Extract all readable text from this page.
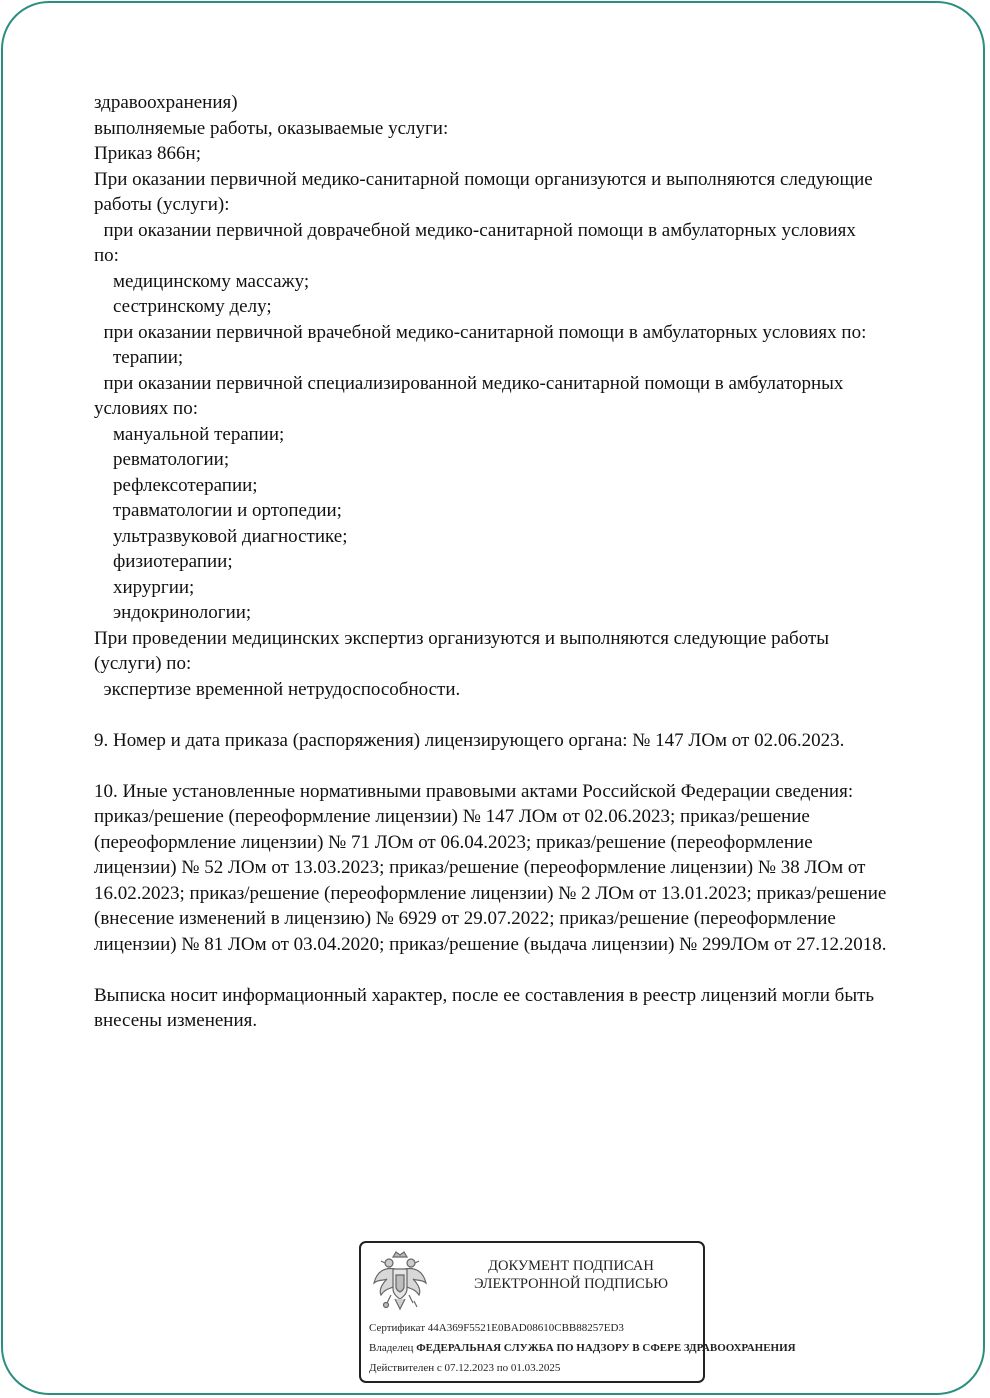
здравоохранения)
выполняемые работы, оказываемые услуги:
Приказ 866н;
При оказании первичной медико-санитарной помощи организуются и выполняются следующие
работы (услуги):
при оказании первичной доврачебной медико-санитарной помощи в амбулаторных условиях
по:
медицинскому массажу;
сестринскому делу;
при оказании первичной врачебной медико-санитарной помощи в амбулаторных условиях по:
терапии;
при оказании первичной специализированной медико-санитарной помощи в амбулаторных
условиях по:
мануальной терапии;
ревматологии;
рефлексотерапии;
травматологии и ортопедии;
ультразвуковой диагностике;
физиотерапии;
хирургии;
эндокринологии;
При проведении медицинских экспертиз организуются и выполняются следующие работы
(услуги) по:
экспертизе временной нетрудоспособности.
9. Номер и дата приказа (распоряжения) лицензирующего органа: № 147 ЛОм от 02.06.2023.
10. Иные установленные нормативными правовыми актами Российской Федерации сведения:
приказ/решение (переоформление лицензии) № 147 ЛОм от 02.06.2023; приказ/решение
(переоформление лицензии) № 71 ЛОм от 06.04.2023; приказ/решение (переоформление
лицензии) № 52 ЛОм от 13.03.2023; приказ/решение (переоформление лицензии) № 38 ЛОм от
16.02.2023; приказ/решение (переоформление лицензии) № 2 ЛОм от 13.01.2023; приказ/решение
(внесение изменений в лицензию) № 6929 от 29.07.2022; приказ/решение (переоформление
лицензии) № 81 ЛОм от 03.04.2020; приказ/решение (выдача лицензии) № 299ЛОм от 27.12.2018.
Выписка носит информационный характер, после ее составления в реестр лицензий могли быть
внесены изменения.
ДОКУМЕНТ ПОДПИСАН
ЭЛЕКТРОННОЙ ПОДПИСЬЮ
Сертификат 44A369F5521E0BAD08610CBB88257ED3
Владелец ФЕДЕРАЛЬНАЯ СЛУЖБА ПО НАДЗОРУ В СФЕРЕ ЗДРАВООХРАНЕНИЯ
Действителен с 07.12.2023 по 01.03.2025
